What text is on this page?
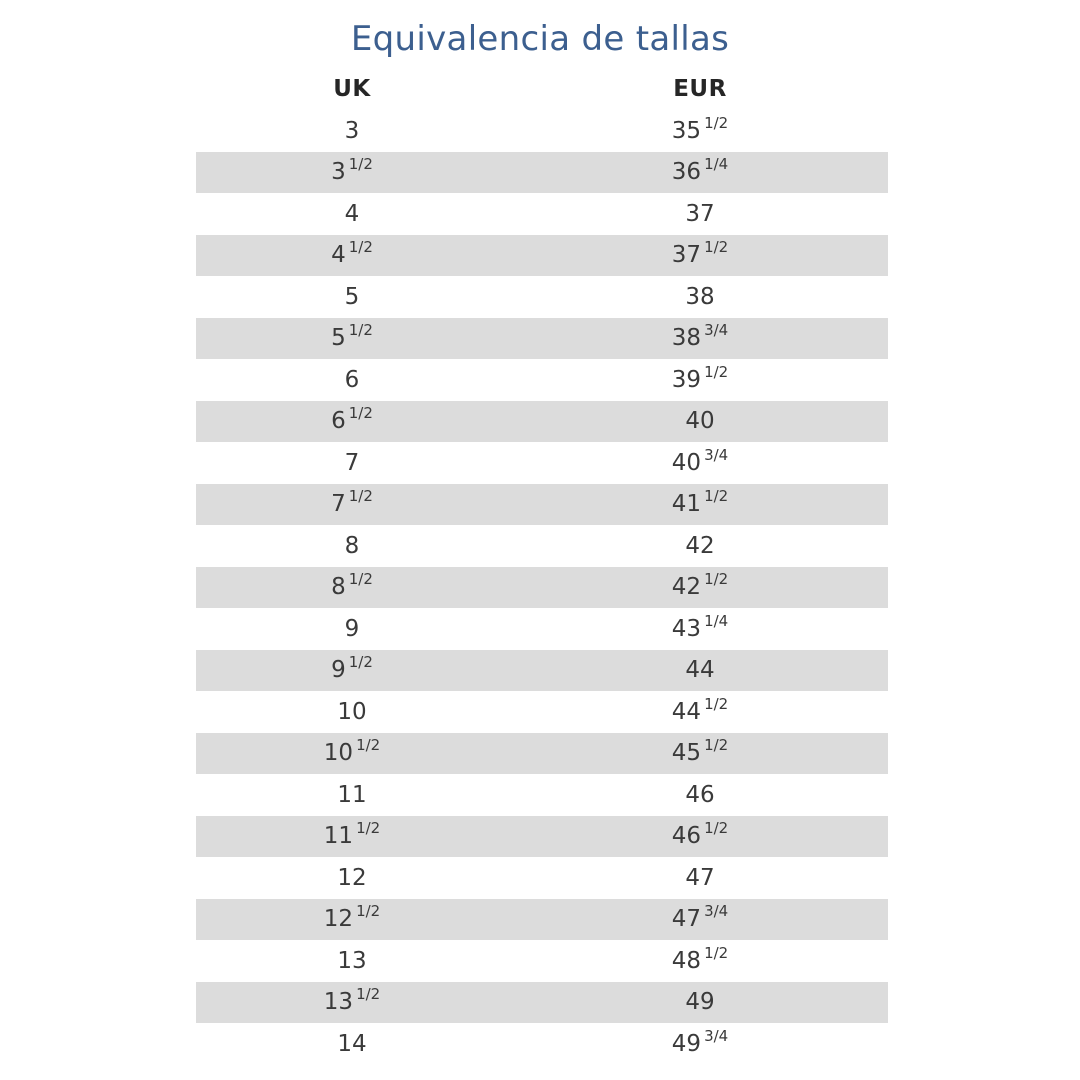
Equivalencia de tallas
UK	EUR
3	35 $^{1/2}$
3 $^{1/2}$	36 $^{1/4}$
4	37
4 $^{1/2}$	37 $^{1/2}$
5	38
5 $^{1/2}$	38 $^{3/4}$
6	39 $^{1/2}$
6 $^{1/2}$	40
7	40 $^{3/4}$
7 $^{1/2}$	41 $^{1/2}$
8	42
8 $^{1/2}$	42 $^{1/2}$
9	43 $^{1/4}$
9 $^{1/2}$	44
10	44 $^{1/2}$
10 $^{1/2}$	45 $^{1/2}$
11	46
11 $^{1/2}$	46 $^{1/2}$
12	47
12 $^{1/2}$	47 $^{3/4}$
13	48 $^{1/2}$
13 $^{1/2}$	49
14	49 $^{3/4}$
